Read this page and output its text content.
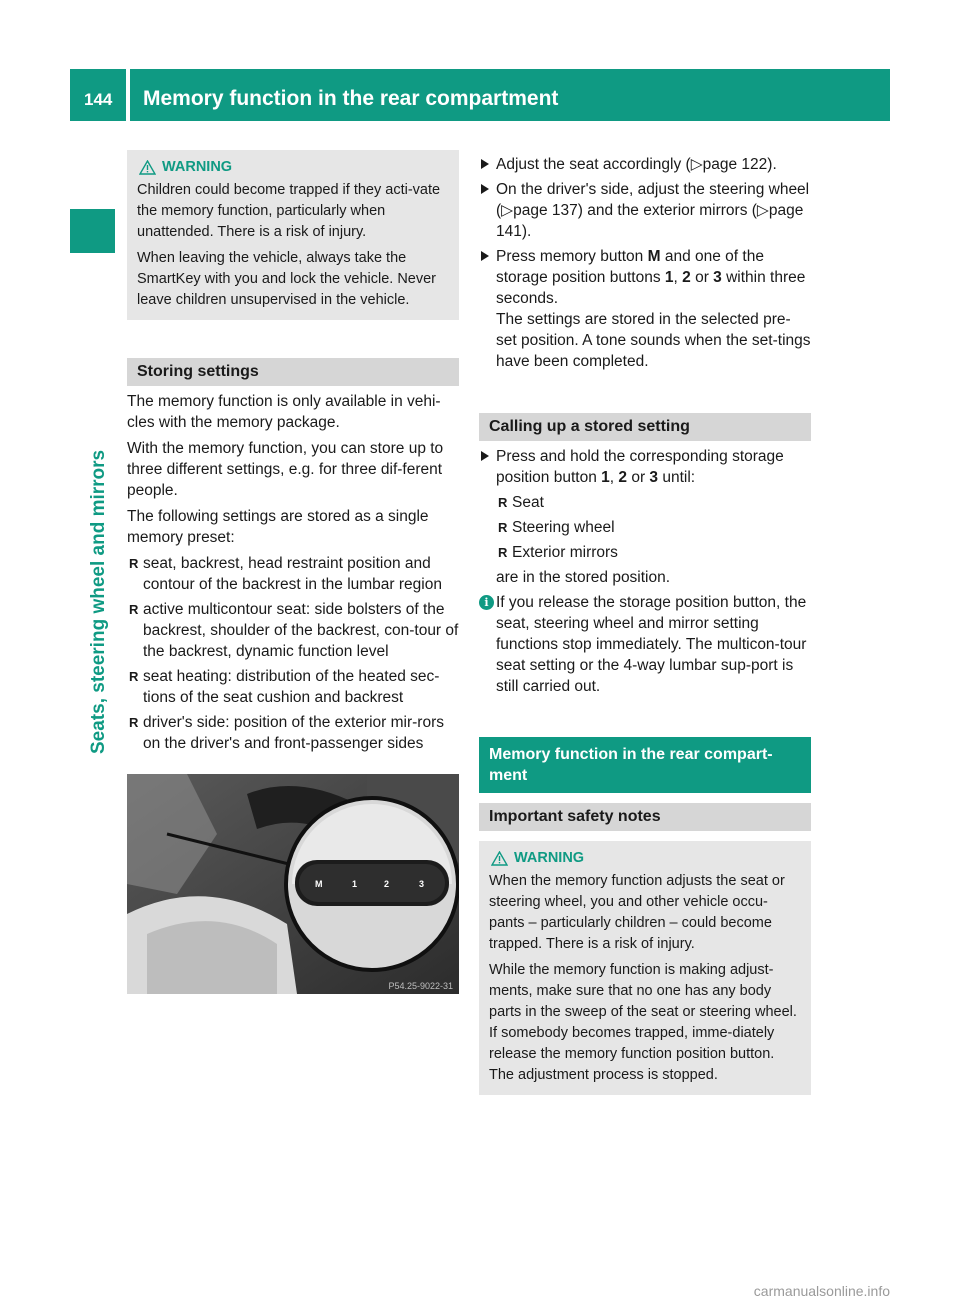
144 Memory function in the rear compartment
Seats, steering wheel and mirrors
WARNING

Children could become trapped if they acti-vate the memory function, particularly when unattended. There is a risk of injury.

When leaving the vehicle, always take the SmartKey with you and lock the vehicle. Never leave children unsupervised in the vehicle.

Storing settings

The memory function is only available in vehi-cles with the memory package.

With the memory function, you can store up to three different settings, e.g. for three dif-ferent people.

The following settings are stored as a single memory preset:

R seat, backrest, head restraint position and contour of the backrest in the lumbar region
R active multicontour seat: side bolsters of the backrest, shoulder of the backrest, con-tour of the backrest, dynamic function level
R seat heating: distribution of the heated sec-tions of the seat cushion and backrest
R driver's side: position of the exterior mir-rors on the driver's and front-passenger sides
M	1	2	3
P54.25-9022-31
Adjust the seat accordingly (▷page 122).
On the driver's side, adjust the steering wheel (▷page 137) and the exterior mirrors (▷page 141).
Press memory button M and one of the storage position buttons 1, 2 or 3 within three seconds.
The settings are stored in the selected pre-set position. A tone sounds when the set-tings have been completed.
Calling up a stored setting
Press and hold the corresponding storage position button 1, 2 or 3 until:
R Seat
R Steering wheel
R Exterior mirrors
are in the stored position.
i If you release the storage position button, the seat, steering wheel and mirror setting functions stop immediately. The multicon-tour seat setting or the 4-way lumbar sup-port is still carried out.
Memory function in the rear compart-ment
Important safety notes
WARNING

When the memory function adjusts the seat or steering wheel, you and other vehicle occu-pants – particularly children – could become trapped. There is a risk of injury.

While the memory function is making adjust-ments, make sure that no one has any body parts in the sweep of the seat or steering wheel. If somebody becomes trapped, imme-diately release the memory function position button. The adjustment process is stopped.

carmanualsonline.info
